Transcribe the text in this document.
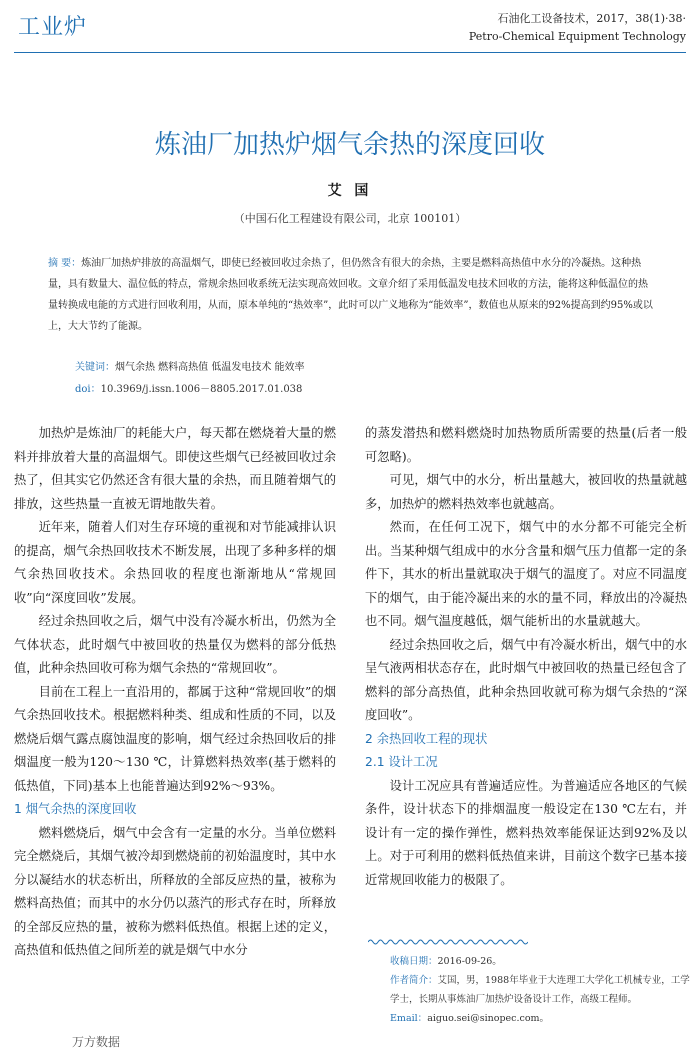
工业炉	石油化工设备技术，2017，38(1)·38·
Petro-Chemical Equipment Technology
炼油厂加热炉烟气余热的深度回收
艾 国
（中国石化工程建设有限公司，北京 100101）
摘 要：炼油厂加热炉排放的高温烟气，即使已经被回收过余热了，但仍然含有很大的余热，主要是燃料高热值中水分的冷凝热。这种热量，具有数量大、温位低的特点，常规余热回收系统无法实现高效回收。文章介绍了采用低温发电技术回收的方法，能将这种低温位的热量转换成电能的方式进行回收利用，从而，原本单纯的“热效率”，此时可以广义地称为“能效率”，数值也从原来的92%提高到约95%或以上，大大节约了能源。
关键词：烟气余热 燃料高热值 低温发电技术 能效率
doi：10.3969/j.issn.1006－8805.2017.01.038

加热炉是炼油厂的耗能大户，每天都在燃烧着大量的燃料并排放着大量的高温烟气。即使这些烟气已经被回收过余热了，但其实它仍然还含有很大量的余热，而且随着烟气的排放，这些热量一直被无谓地散失着。

近年来，随着人们对生存环境的重视和对节能减排认识的提高，烟气余热回收技术不断发展，出现了多种多样的烟气余热回收技术。余热回收的程度也渐渐地从“常规回收”向“深度回收”发展。

经过余热回收之后，烟气中没有冷凝水析出，仍然为全气体状态，此时烟气中被回收的热量仅为燃料的部分低热值，此种余热回收可称为烟气余热的“常规回收”。

目前在工程上一直沿用的，都属于这种“常规回收”的烟气余热回收技术。根据燃料种类、组成和性质的不同，以及燃烧后烟气露点腐蚀温度的影响，烟气经过余热回收后的排烟温度一般为120～130 ℃，计算燃料热效率(基于燃料的低热值，下同)基本上也能普遍达到92%～93%。

1 烟气余热的深度回收

燃料燃烧后，烟气中会含有一定量的水分。当单位燃料完全燃烧后，其烟气被冷却到燃烧前的初始温度时，其中水分以凝结水的状态析出，所释放的全部反应热的量，被称为燃料高热值；而其中的水分仍以蒸汽的形式存在时，所释放的全部反应热的量，被称为燃料低热值。根据上述的定义，高热值和低热值之间所差的就是烟气中水分

的蒸发潜热和燃料燃烧时加热物质所需要的热量(后者一般可忽略)。

可见，烟气中的水分，析出量越大，被回收的热量就越多，加热炉的燃料热效率也就越高。

然而，在任何工况下，烟气中的水分都不可能完全析出。当某种烟气组成中的水分含量和烟气压力值都一定的条件下，其水的析出量就取决于烟气的温度了。对应不同温度下的烟气，由于能冷凝出来的水的量不同，释放出的冷凝热也不同。烟气温度越低，烟气能析出的水量就越大。

经过余热回收之后，烟气中有冷凝水析出，烟气中的水呈气液两相状态存在，此时烟气中被回收的热量已经包含了燃料的部分高热值，此种余热回收就可称为烟气余热的“深度回收”。

2 余热回收工程的现状
2.1 设计工况

设计工况应具有普遍适应性。为普遍适应各地区的气候条件，设计状态下的排烟温度一般设定在130 ℃左右，并设计有一定的操作弹性，燃料热效率能保证达到92%及以上。对于可利用的燃料低热值来讲，目前这个数字已基本接近常规回收能力的极限了。

收稿日期：2016-09-26。
作者简介：艾国，男，1988年毕业于大连理工大学化工机械专业，工学学士，长期从事炼油厂加热炉设备设计工作，高级工程师。
Email：aiguo.sei@sinopec.com。
万方数据
